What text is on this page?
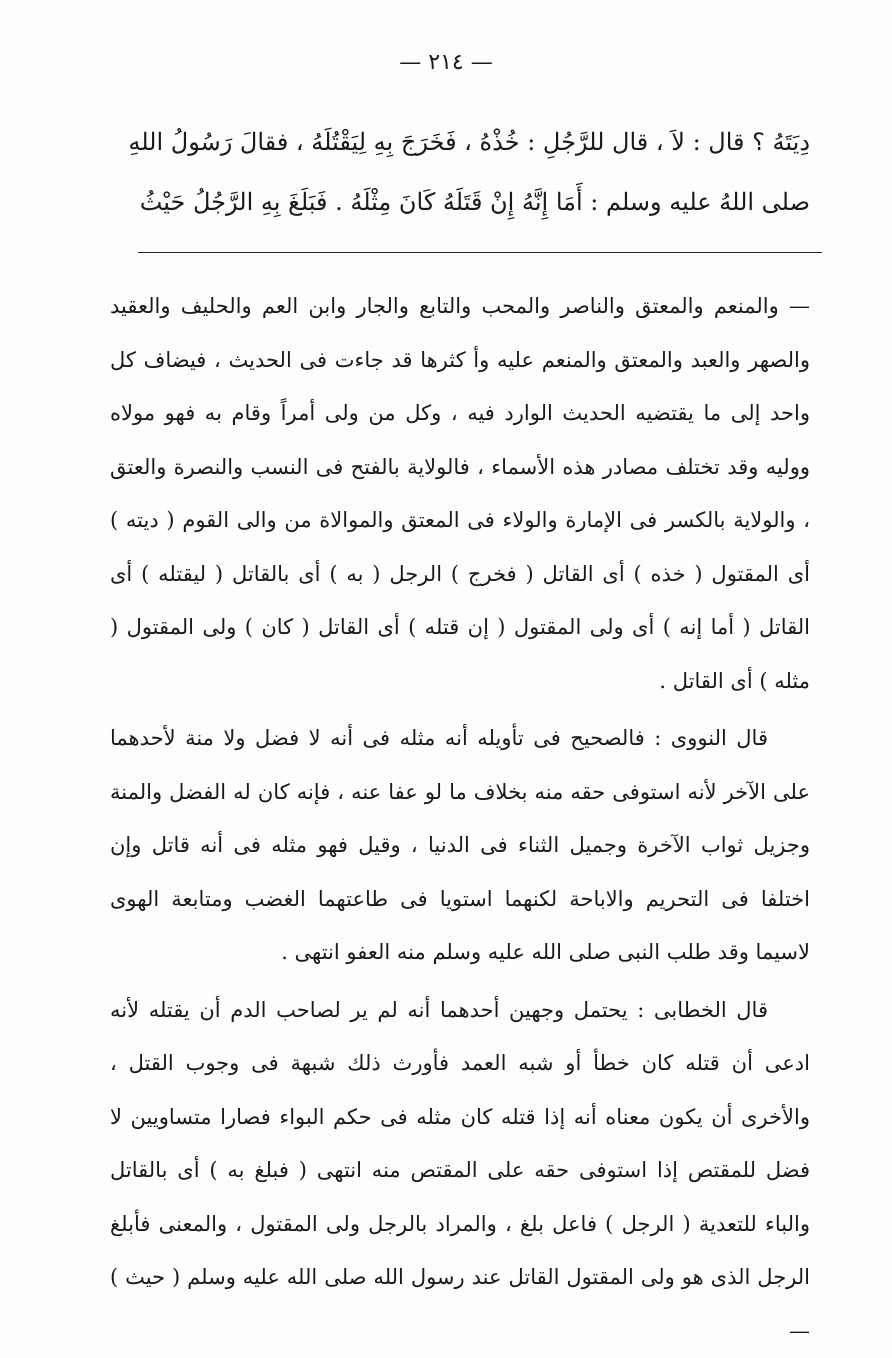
— ٢١٤ —
دِيَتَهُ ؟ قال : لاَ ، قال للرَّجُلِ : خُذْهُ ، فَخَرَجَ بِهِ لِيَقْتُلَهُ ، فقالَ رَسُولُ اللهِ
صلى اللهُ عليه وسلم : أَمَا إِنَّهُ إِنْ قَتَلَهُ كَانَ مِثْلَهُ . فَبَلَغَ بِهِ الرَّجُلُ حَيْثُ

— والمنعم والمعتق والناصر والمحب والتابع والجار وابن العم والحليف والعقيد والصهر والعبد والمعتق والمنعم عليه وأ كثرها قد جاءت فى الحديث ، فيضاف كل واحد إلى ما يقتضيه الحديث الوارد فيه ، وكل من ولى أمراً وقام به فهو مولاه ووليه وقد تختلف مصادر هذه الأسماء ، فالولاية بالفتح فى النسب والنصرة والعتق ، والولاية بالكسر فى الإمارة والولاء فى المعتق والموالاة من والى القوم ( ديته ) أى المقتول ( خذه ) أى القاتل ( فخرج ) الرجل ( به ) أى بالقاتل ( ليقتله ) أى القاتل ( أما إنه ) أى ولى المقتول ( إن قتله ) أى القاتل ( كان ) ولى المقتول ( مثله ) أى القاتل .

قال النووى : فالصحيح فى تأويله أنه مثله فى أنه لا فضل ولا منة لأحدهما على الآخر لأنه استوفى حقه منه بخلاف ما لو عفا عنه ، فإنه كان له الفضل والمنة وجزيل ثواب الآخرة وجميل الثناء فى الدنيا ، وقيل فهو مثله فى أنه قاتل وإن اختلفا فى التحريم والاباحة لكنهما استويا فى طاعتهما الغضب ومتابعة الهوى لاسيما وقد طلب النبى صلى الله عليه وسلم منه العفو انتهى .

قال الخطابى : يحتمل وجهين أحدهما أنه لم ير لصاحب الدم أن يقتله لأنه ادعى أن قتله كان خطأ أو شبه العمد فأورث ذلك شبهة فى وجوب القتل ، والأخرى أن يكون معناه أنه إذا قتله كان مثله فى حكم البواء فصارا متساويين لا فضل للمقتص إذا استوفى حقه على المقتص منه انتهى ( فبلغ به ) أى بالقاتل والباء للتعدية ( الرجل ) فاعل بلغ ، والمراد بالرجل ولى المقتول ، والمعنى فأبلغ الرجل الذى هو ولى المقتول القاتل عند رسول الله صلى الله عليه وسلم ( حيث ) —
